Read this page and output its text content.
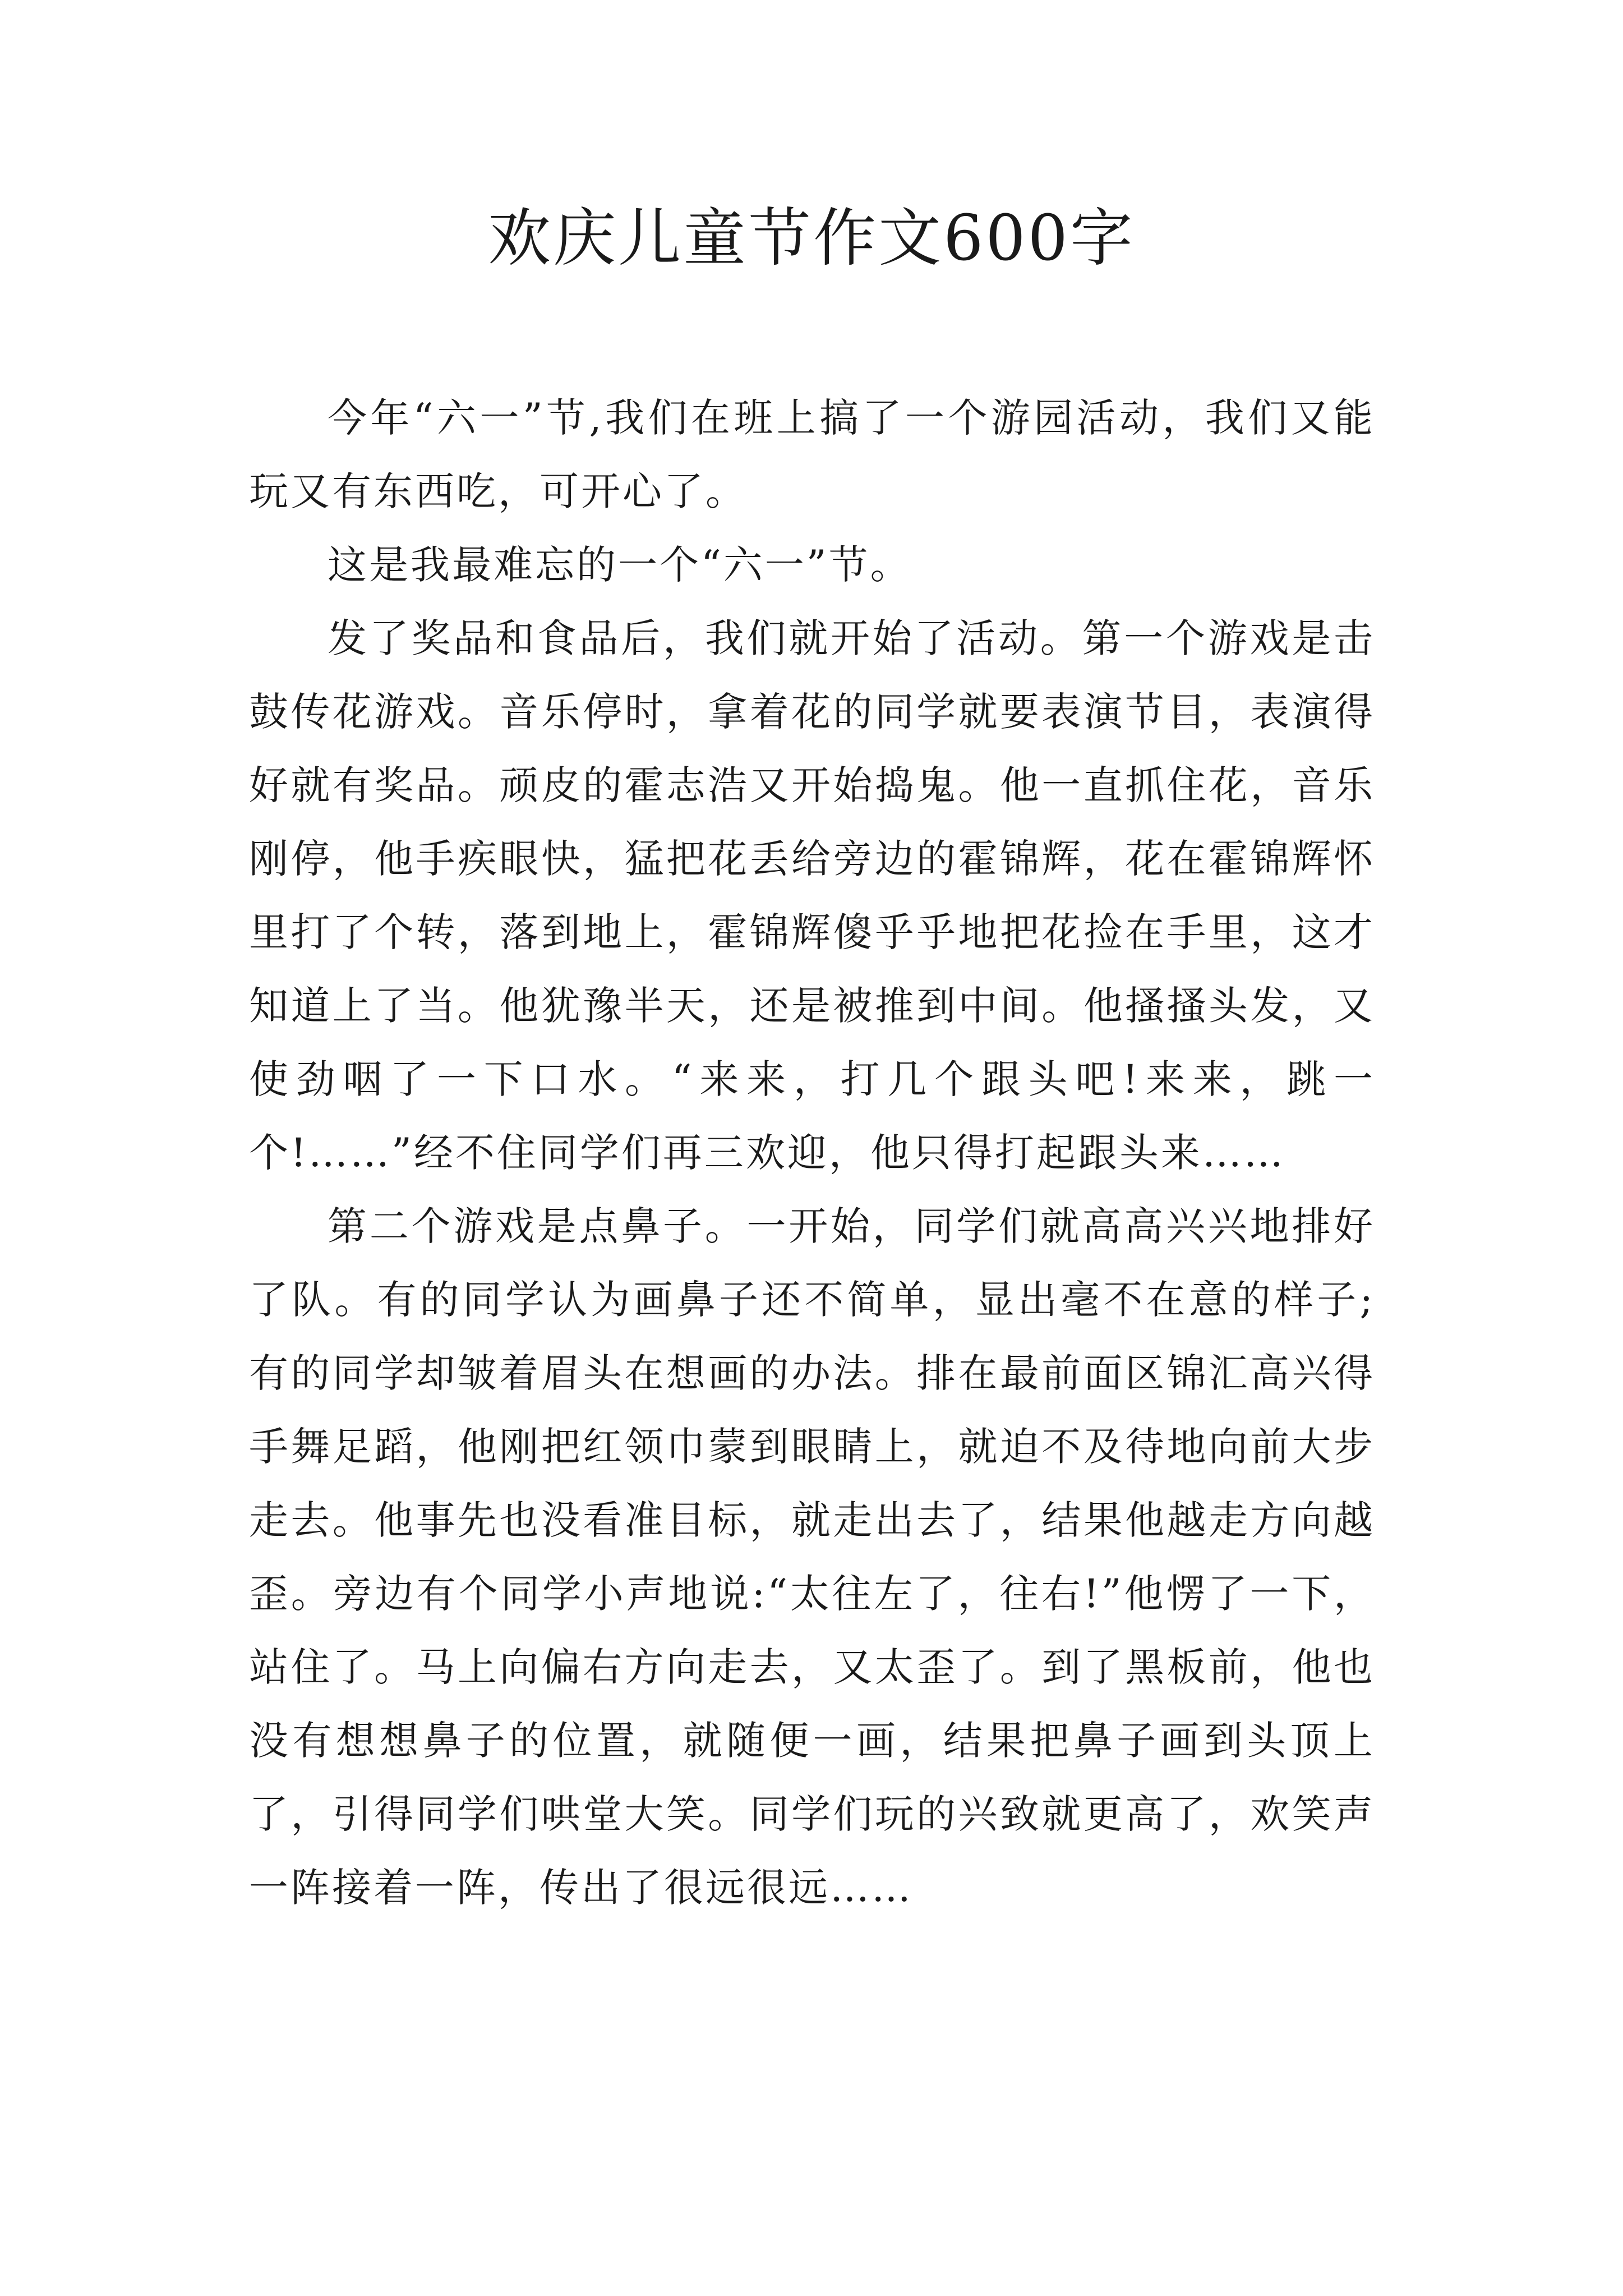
欢庆儿童节作文600字

今年“六一”节,我们在班上搞了一个游园活动，我们又能玩又有东西吃，可开心了。

这是我最难忘的一个“六一”节。

发了奖品和食品后，我们就开始了活动。第一个游戏是击鼓传花游戏。音乐停时，拿着花的同学就要表演节目，表演得好就有奖品。顽皮的霍志浩又开始捣鬼。他一直抓住花，音乐刚停，他手疾眼快，猛把花丢给旁边的霍锦辉，花在霍锦辉怀里打了个转，落到地上，霍锦辉傻乎乎地把花捡在手里，这才知道上了当。他犹豫半天，还是被推到中间。他搔搔头发，又使劲咽了一下口水。“来来，打几个跟头吧!来来，跳一个!……”经不住同学们再三欢迎，他只得打起跟头来……

第二个游戏是点鼻子。一开始，同学们就高高兴兴地排好了队。有的同学认为画鼻子还不简单，显出毫不在意的样子;有的同学却皱着眉头在想画的办法。排在最前面区锦汇高兴得手舞足蹈，他刚把红领巾蒙到眼睛上，就迫不及待地向前大步走去。他事先也没看准目标，就走出去了，结果他越走方向越歪。旁边有个同学小声地说:“太往左了，往右!”他愣了一下，站住了。马上向偏右方向走去，又太歪了。到了黑板前，他也没有想想鼻子的位置，就随便一画，结果把鼻子画到头顶上了，引得同学们哄堂大笑。同学们玩的兴致就更高了，欢笑声一阵接着一阵，传出了很远很远……
